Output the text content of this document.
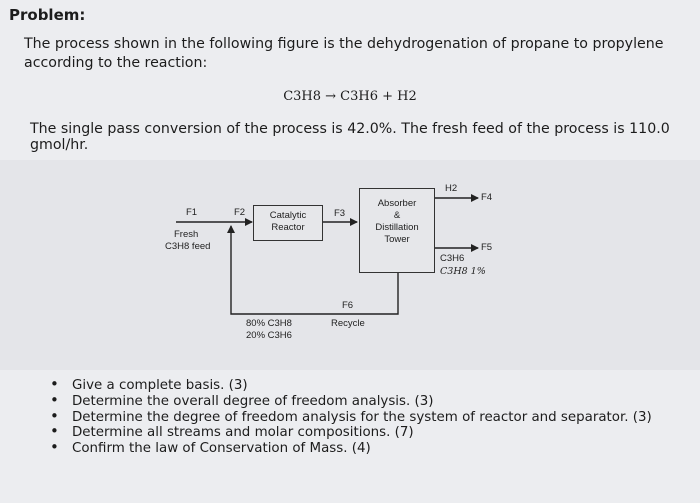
Problem:
The process shown in the following figure is the dehydrogenation of propane to propylene according to the reaction:
C3H8 → C3H6 + H2
The single pass conversion of the process is 42.0%. The fresh feed of the process is 110.0 gmol/hr.
Catalytic
Reactor
Absorber
&
Distillation
Tower
F1	F2	F3
F4
F5
F6
Fresh
C3H8 feed
H2
C3H6
C3H8 1%
Recycle
80% C3H8
20% C3H6
• Give a complete basis. (3)
• Determine the overall degree of freedom analysis. (3)
• Determine the degree of freedom analysis for the system of reactor and separator. (3)
• Determine all streams and molar compositions. (7)
• Confirm the law of Conservation of Mass. (4)
